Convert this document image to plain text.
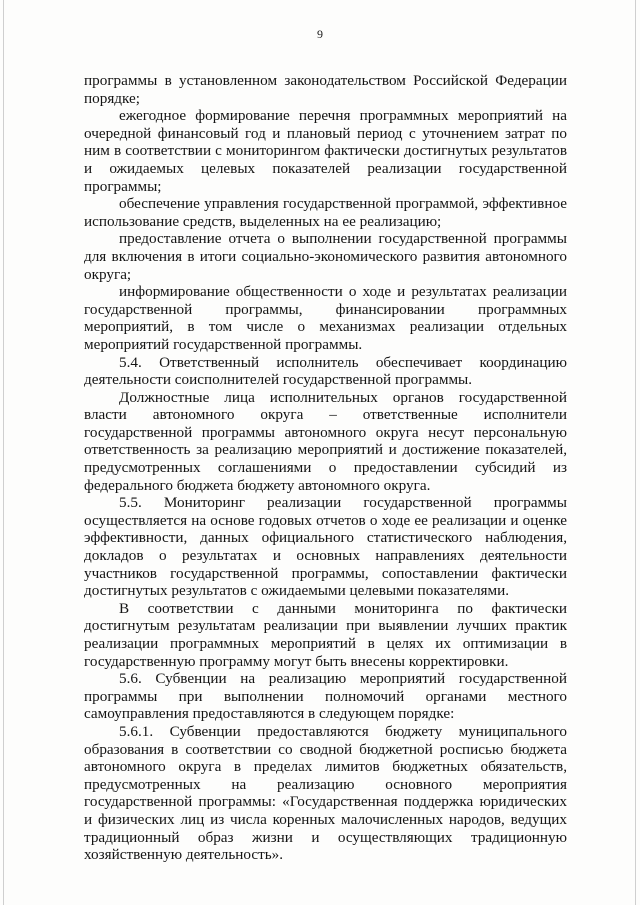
9

программы в установленном законодательством Российской Федерации порядке;

ежегодное формирование перечня программных мероприятий на очередной финансовый год и плановый период с уточнением затрат по ним в соответствии с мониторингом фактически достигнутых результатов и ожидаемых целевых показателей реализации государственной программы;

обеспечение управления государственной программой, эффективное использование средств, выделенных на ее реализацию;

предоставление отчета о выполнении государственной программы для включения в итоги социально-экономического развития автономного округа;

информирование общественности о ходе и результатах реализации государственной программы, финансировании программных мероприятий, в том числе о механизмах реализации отдельных мероприятий государственной программы.

5.4. Ответственный исполнитель обеспечивает координацию деятельности соисполнителей государственной программы.

Должностные лица исполнительных органов государственной власти автономного округа – ответственные исполнители государственной программы автономного округа несут персональную ответственность за реализацию мероприятий и достижение показателей, предусмотренных соглашениями о предоставлении субсидий из федерального бюджета бюджету автономного округа.

5.5. Мониторинг реализации государственной программы осуществляется на основе годовых отчетов о ходе ее реализации и оценке эффективности, данных официального статистического наблюдения, докладов о результатах и основных направлениях деятельности участников государственной программы, сопоставлении фактически достигнутых результатов с ожидаемыми целевыми показателями.

В соответствии с данными мониторинга по фактически достигнутым результатам реализации при выявлении лучших практик реализации программных мероприятий в целях их оптимизации в государственную программу могут быть внесены корректировки.

5.6. Субвенции на реализацию мероприятий государственной программы при выполнении полномочий органами местного самоуправления предоставляются в следующем порядке:

5.6.1. Субвенции предоставляются бюджету муниципального образования в соответствии со сводной бюджетной росписью бюджета автономного округа в пределах лимитов бюджетных обязательств, предусмотренных на реализацию основного мероприятия государственной программы: «Государственная поддержка юридических и физических лиц из числа коренных малочисленных народов, ведущих традиционный образ жизни и осуществляющих традиционную хозяйственную деятельность».
